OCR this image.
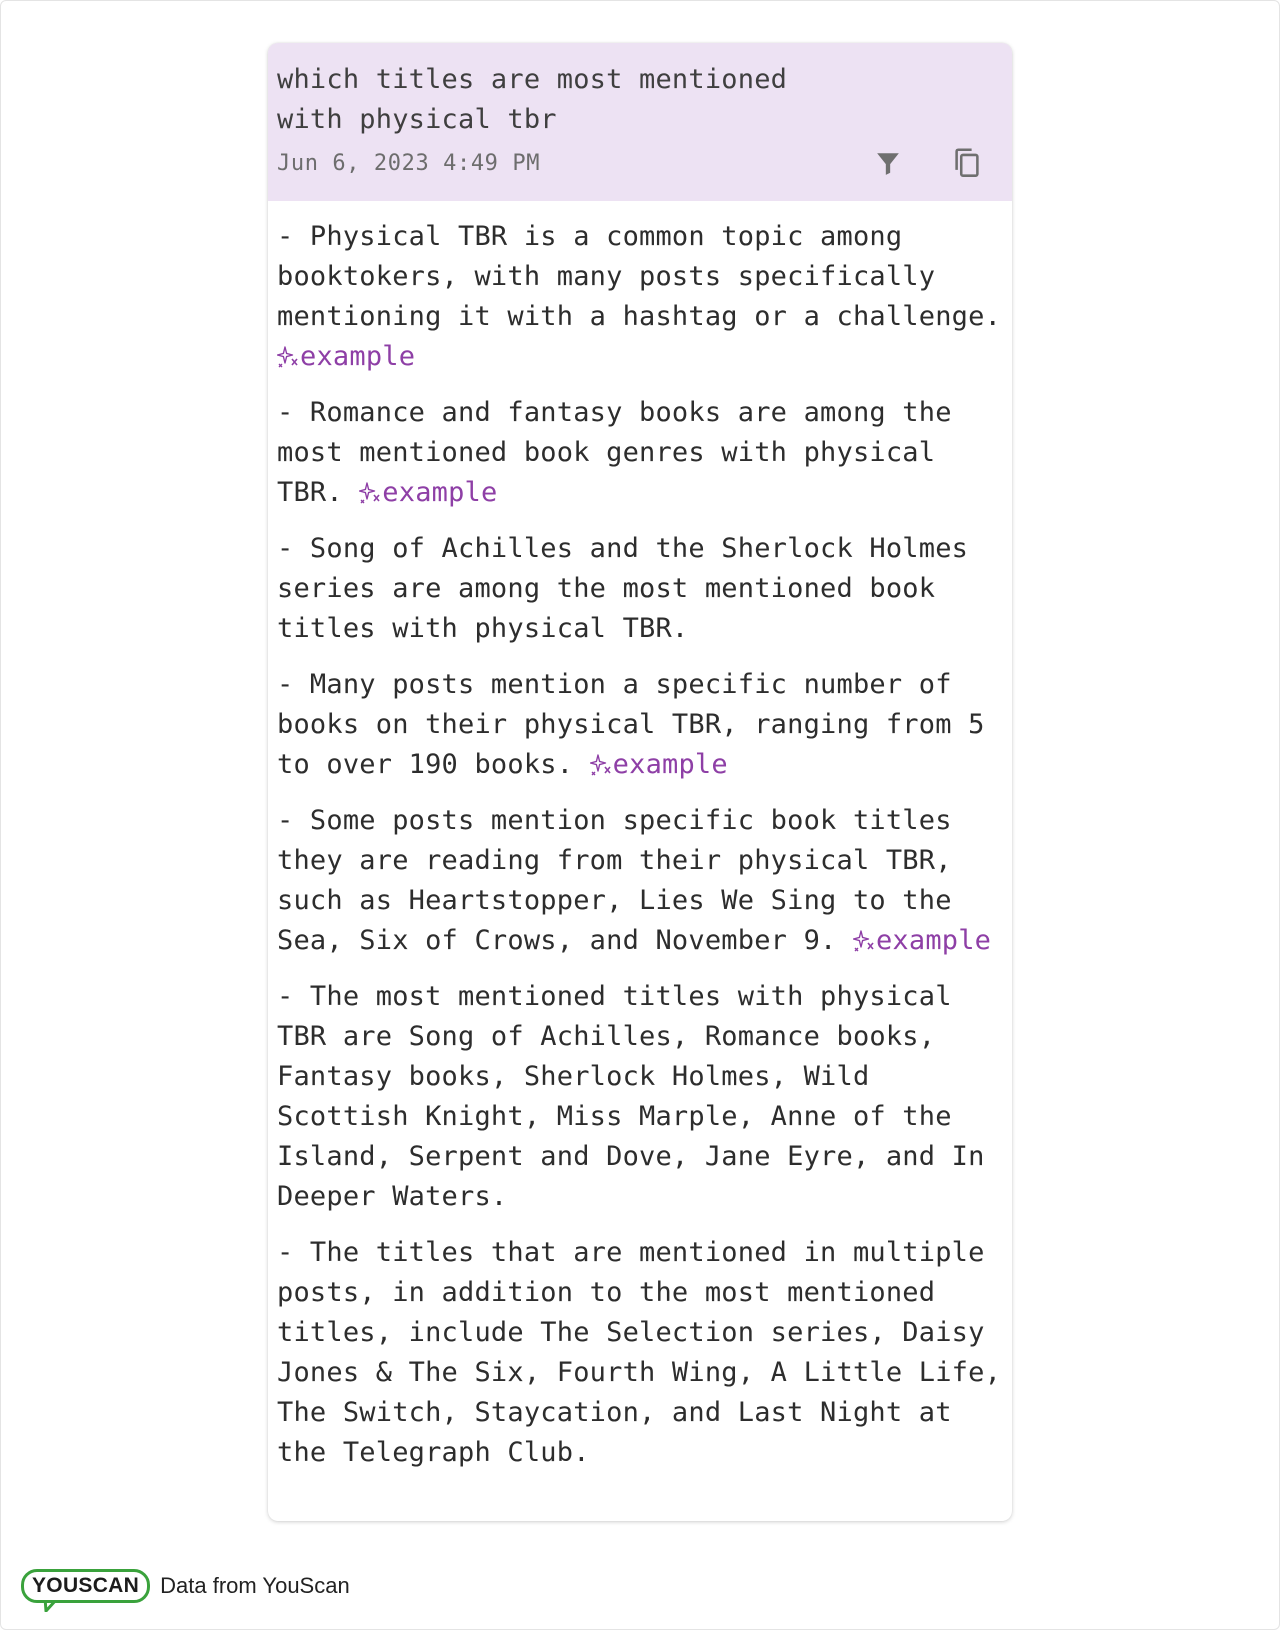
which titles are most mentioned with physical tbr
Jun 6, 2023 4:49 PM
- Physical TBR is a common topic among booktokers, with many posts specifically mentioning it with a hashtag or a challenge. example
- Romance and fantasy books are among the most mentioned book genres with physical TBR. example
- Song of Achilles and the Sherlock Holmes series are among the most mentioned book titles with physical TBR.
- Many posts mention a specific number of books on their physical TBR, ranging from 5 to over 190 books. example
- Some posts mention specific book titles they are reading from their physical TBR, such as Heartstopper, Lies We Sing to the Sea, Six of Crows, and November 9. example
- The most mentioned titles with physical TBR are Song of Achilles, Romance books, Fantasy books, Sherlock Holmes, Wild Scottish Knight, Miss Marple, Anne of the Island, Serpent and Dove, Jane Eyre, and In Deeper Waters.
- The titles that are mentioned in multiple posts, in addition to the most mentioned titles, include The Selection series, Daisy Jones & The Six, Fourth Wing, A Little Life, The Switch, Staycation, and Last Night at the Telegraph Club.
YOUSCAN Data from YouScan
